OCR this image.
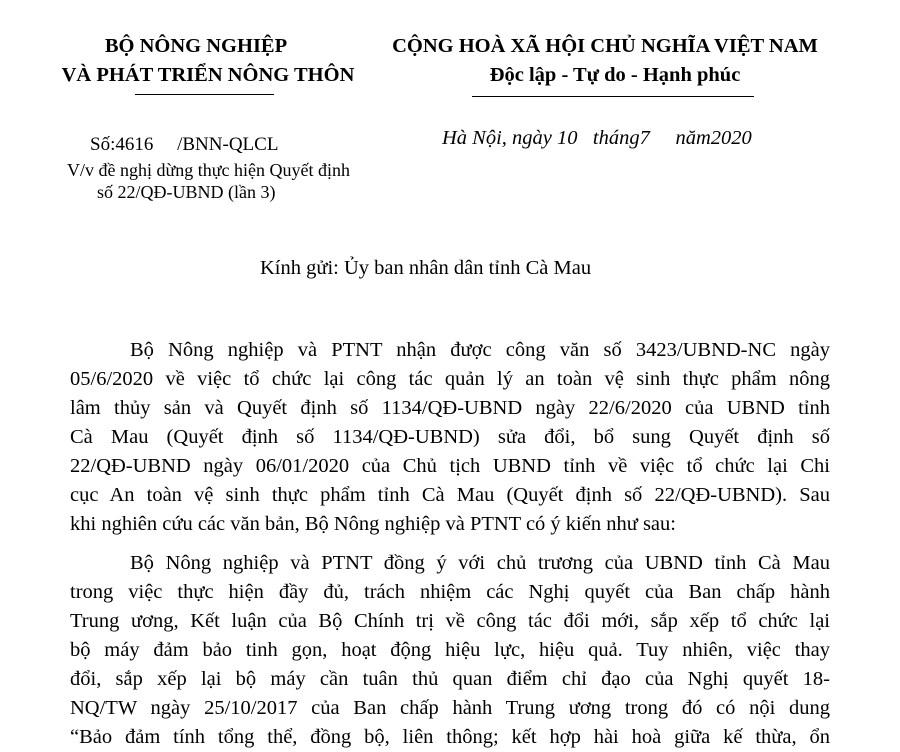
BỘ NÔNG NGHIỆP
VÀ PHÁT TRIỂN NÔNG THÔN
CỘNG HOÀ XÃ HỘI CHỦ NGHĨA VIỆT NAM
Độc lập - Tự do - Hạnh phúc
Số:4616     /BNN-QLCL
V/v đề nghị dừng thực hiện Quyết định
số 22/QĐ-UBND (lần 3)
Hà Nội, ngày 10   tháng7     năm2020
Kính gửi: Ủy ban nhân dân tỉnh Cà Mau
Bộ Nông nghiệp và PTNT nhận được công văn số 3423/UBND-NC ngày
05/6/2020 về việc tổ chức lại công tác quản lý an toàn vệ sinh thực phẩm nông
lâm thủy sản và Quyết định số 1134/QĐ-UBND ngày 22/6/2020 của UBND tỉnh
Cà Mau (Quyết định số 1134/QĐ-UBND) sửa đổi, bổ sung Quyết định số
22/QĐ-UBND ngày 06/01/2020 của Chủ tịch UBND tỉnh về việc tổ chức lại Chi
cục An toàn vệ sinh thực phẩm tỉnh Cà Mau (Quyết định số 22/QĐ-UBND). Sau
khi nghiên cứu các văn bản, Bộ Nông nghiệp và PTNT có ý kiến như sau:
Bộ Nông nghiệp và PTNT đồng ý với chủ trương của UBND tỉnh Cà Mau
trong việc thực hiện đầy đủ, trách nhiệm các Nghị quyết của Ban chấp hành
Trung ương, Kết luận của Bộ Chính trị về công tác đổi mới, sắp xếp tổ chức lại
bộ máy đảm bảo tinh gọn, hoạt động hiệu lực, hiệu quả. Tuy nhiên, việc thay
đổi, sắp xếp lại bộ máy cần tuân thủ quan điểm chỉ đạo của Nghị quyết 18-
NQ/TW ngày 25/10/2017 của Ban chấp hành Trung ương trong đó có nội dung
“Bảo đảm tính tổng thể, đồng bộ, liên thông; kết hợp hài hoà giữa kế thừa, ổn
